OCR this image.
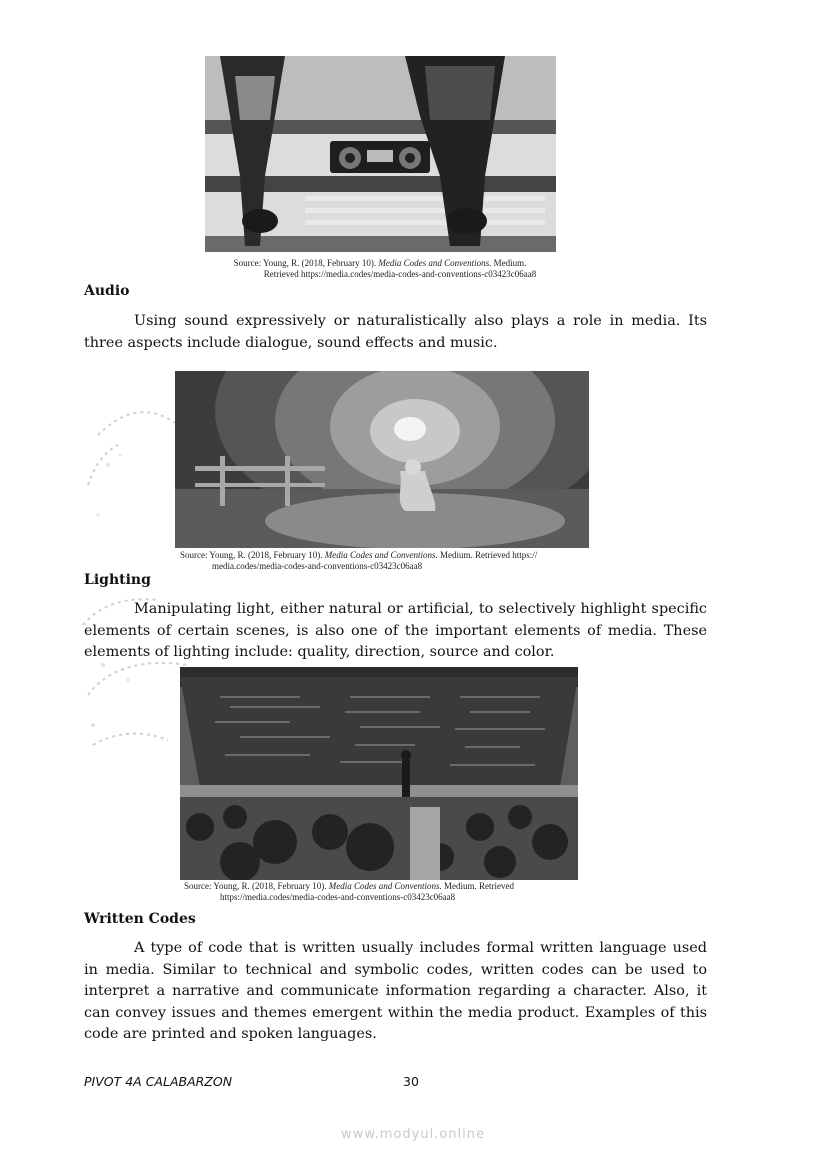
Source: Young, R. (2018, February 10). Media Codes and Conventions. Medium.
Retrieved https://media.codes/media-codes-and-conventions-c03423c06aa8
Audio

Using sound expressively or naturalistically also plays a role in media. Its three aspects include dialogue, sound effects and music.

Source: Young, R. (2018, February 10). Media Codes and Conventions. Medium. Retrieved https://
media.codes/media-codes-and-conventions-c03423c06aa8
Lighting

Manipulating light, either natural or artificial, to selectively highlight specific elements of certain scenes, is also one of the important elements of media. These elements of lighting include: quality, direction, source and color.

Source: Young, R. (2018, February 10). Media Codes and Conventions. Medium. Retrieved
https://media.codes/media-codes-and-conventions-c03423c06aa8
Written Codes

A type of code that is written usually includes formal written language used in media. Similar to technical and symbolic codes, written codes can be used to interpret a narrative and communicate information regarding a character. Also, it can convey issues and themes emergent within the media product. Examples of this code are printed and spoken languages.

PIVOT 4A CALABARZON	30
www.modyul.online
